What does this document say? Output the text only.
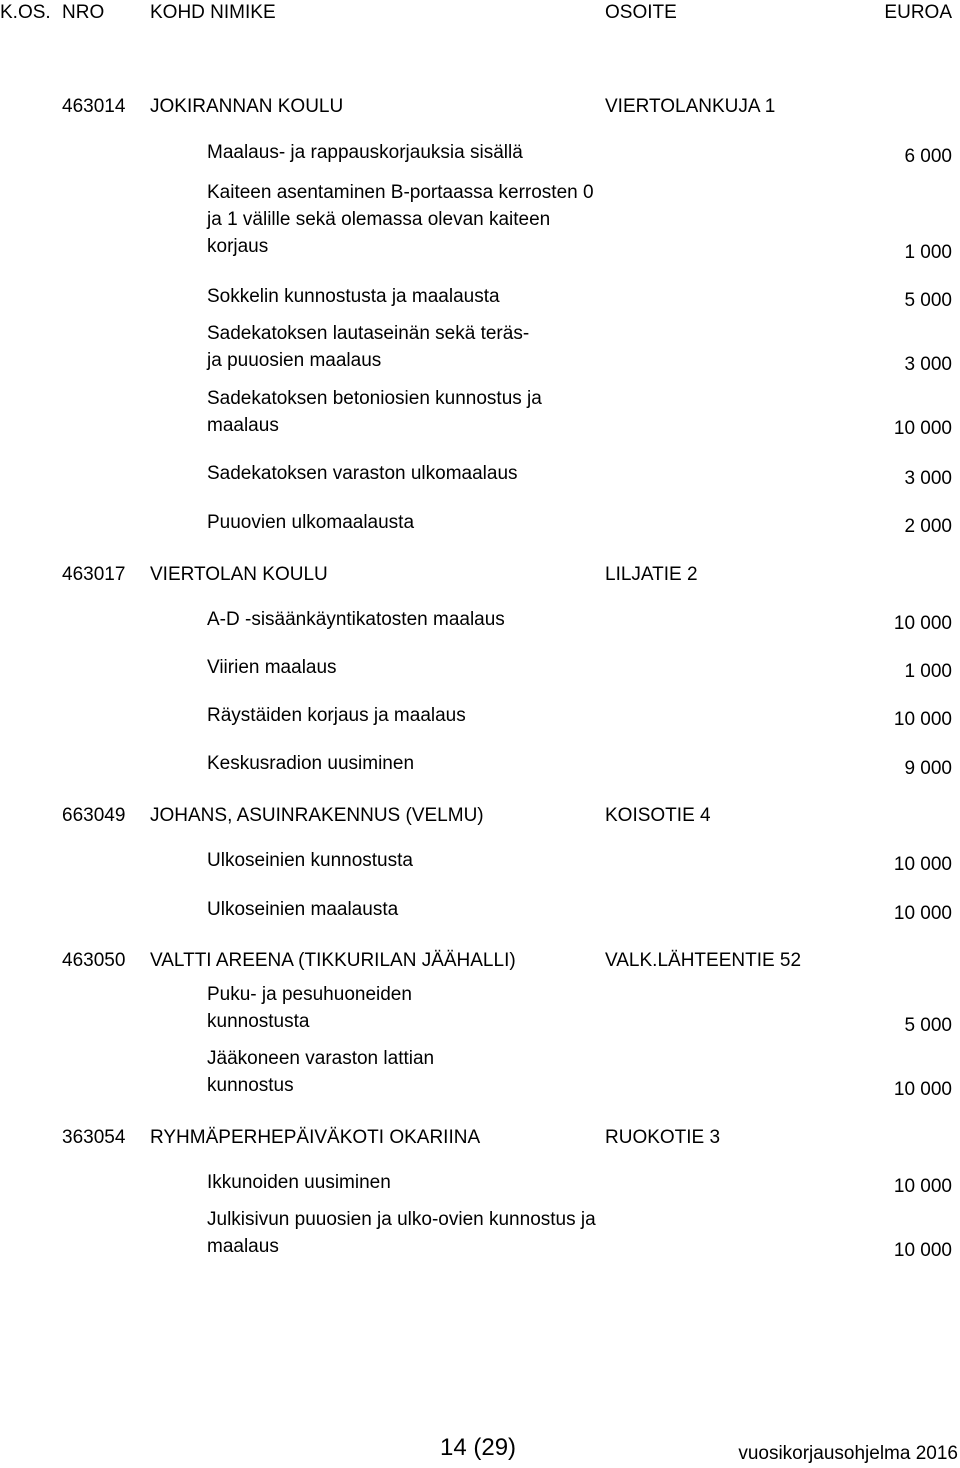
K.OS. NRO KOHD NIMIKE	OSOITE	EUROA
463014 JOKIRANNAN KOULU	VIERTOLANKUJA 1
Maalaus- ja rappauskorjauksia sisällä	6 000
Kaiteen asentaminen B-portaassa kerrosten 0 ja 1 välille sekä olemassa olevan kaiteen korjaus	1 000
Sokkelin kunnostusta ja maalausta	5 000
Sadekatoksen lautaseinän sekä teräs- ja puuosien maalaus	3 000
Sadekatoksen betoniosien kunnostus ja maalaus	10 000
Sadekatoksen varaston ulkomaalaus	3 000
Puuovien ulkomaalausta	2 000
463017 VIERTOLAN KOULU	LILJATIE 2
A-D -sisäänkäyntikatosten maalaus	10 000
Viirien maalaus	1 000
Räystäiden korjaus ja maalaus	10 000
Keskusradion uusiminen	9 000
663049 JOHANS, ASUINRAKENNUS (VELMU)	KOISOTIE 4
Ulkoseinien kunnostusta	10 000
Ulkoseinien maalausta	10 000
463050 VALTTI AREENA (TIKKURILAN JÄÄHALLI)	VALK.LÄHTEENTIE 52
Puku- ja pesuhuoneiden kunnostusta	5 000
Jääkoneen varaston lattian kunnostus	10 000
363054 RYHMÄPERHEPÄIVÄKOTI OKARIINA	RUOKOTIE 3
Ikkunoiden uusiminen	10 000
Julkisivun puuosien ja ulko-ovien kunnostus ja maalaus	10 000
14 (29)	vuosikorjausohjelma 2016
